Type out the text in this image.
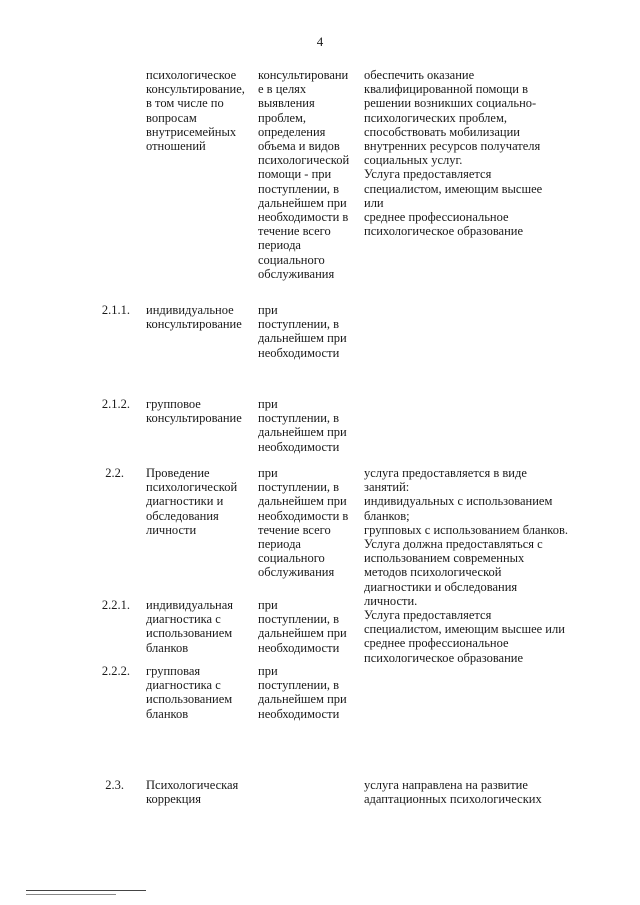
4
психологическое
консультирование,
в том числе по
вопросам
внутрисемейных
отношений
консультировани
е в целях
выявления
проблем,
определения
объема и видов
психологической
помощи - при
поступлении, в
дальнейшем при
необходимости в
течение всего
периода
социального
обслуживания
обеспечить оказание
квалифицированной помощи в
решении возникших социально-
психологических проблем,
способствовать мобилизации
внутренних ресурсов получателя
социальных услуг.
Услуга предоставляется
специалистом, имеющим высшее или
среднее профессиональное
психологическое образование
2.1.1. индивидуальное
консультирование
при
поступлении, в
дальнейшем при
необходимости
2.1.2. групповое
консультирование
при
поступлении, в
дальнейшем при
необходимости
2.2. Проведение
психологической
диагностики и
обследования
личности
при
поступлении, в
дальнейшем при
необходимости в
течение всего
периода
социального
обслуживания
услуга предоставляется в виде
занятий:
индивидуальных с использованием
бланков;
групповых с использованием бланков.
Услуга должна предоставляться с
использованием современных
методов психологической
диагностики и обследования
личности.
Услуга предоставляется
специалистом, имеющим высшее или
среднее профессиональное
психологическое образование
2.2.1. индивидуальная
диагностика с
использованием
бланков
при
поступлении, в
дальнейшем при
необходимости
2.2.2. групповая
диагностика с
использованием
бланков
при
поступлении, в
дальнейшем при
необходимости
2.3. Психологическая
коррекция
услуга направлена на развитие
адаптационных психологических
